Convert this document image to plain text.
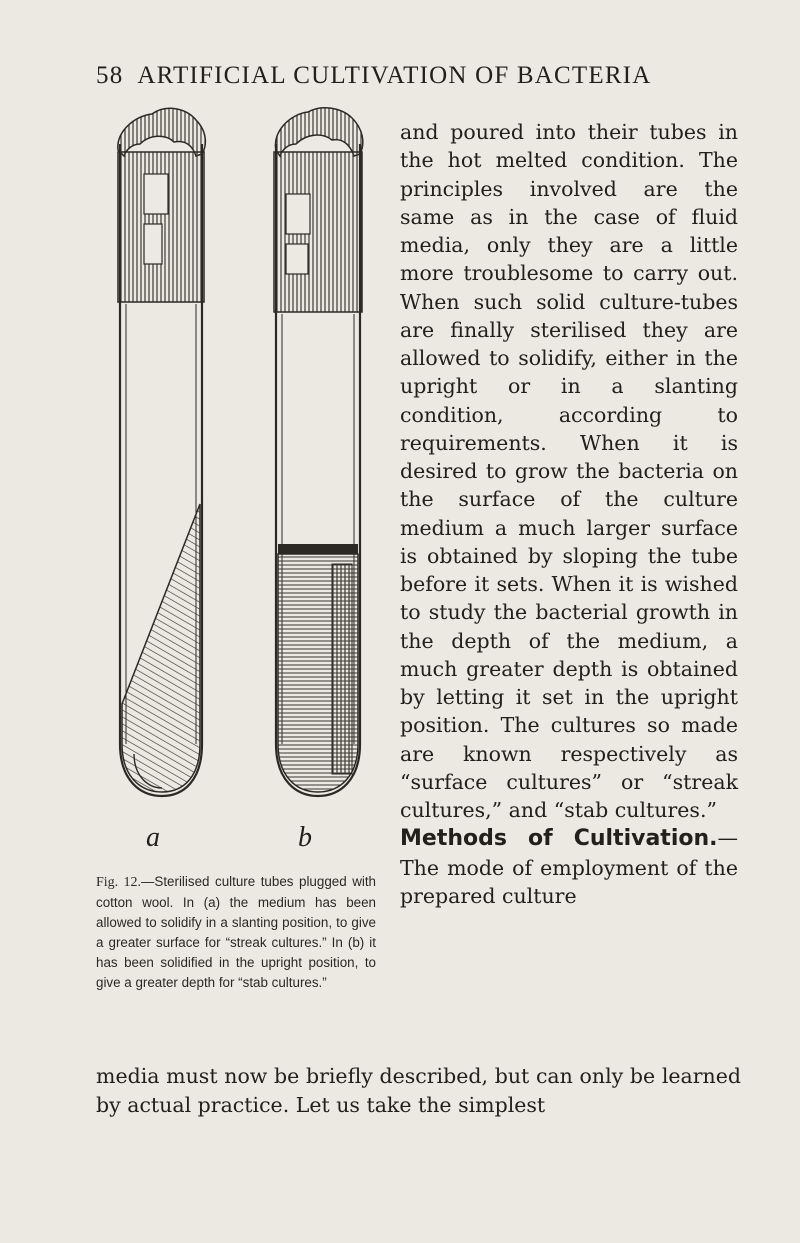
58 ARTIFICIAL CULTIVATION OF BACTERIA
a	b
Fig. 12.—Sterilised culture tubes plugged with cotton wool. In (a) the medium has been allowed to solidify in a slanting position, to give a greater surface for “streak cultures.” In (b) it has been solidified in the upright position, to give a greater depth for “stab cultures.”

and poured into their tubes in the hot melted condition. The principles involved are the same as in the case of fluid media, only they are a little more troublesome to carry out. When such solid culture-tubes are finally sterilised they are allowed to solidify, either in the upright or in a slanting condition, according to requirements. When it is desired to grow the bacteria on the surface of the culture medium a much larger surface is obtained by sloping the tube before it sets. When it is wished to study the bacterial growth in the depth of the medium, a much greater depth is obtained by letting it set in the upright position. The cultures so made are known respectively as “surface cultures” or “streak cultures,” and “stab cultures.”

Methods of Cultivation.—The mode of employment of the prepared culture

media must now be briefly described, but can only be learned by actual practice. Let us take the simplest
